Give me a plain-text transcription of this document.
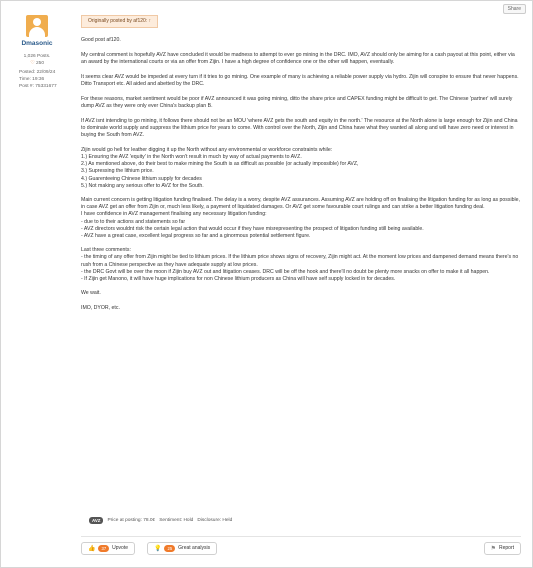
Share
Dmasonic
1,026 Posts.
♡ 250
Posted: 22/09/24
Time: 19:36
Post #: 75331677
Originally posted by af120: ↑

Good post af120.

My central comment is hopefully AVZ have concluded it would be madness to attempt to ever go mining in the DRC. IMO, AVZ should only be aiming for a cash payout at this point, either via an award by the international courts or via an offer from Zijin. I have a high degree of confidence one or the other will happen, eventually.

It seems clear AVZ would be impeded at every turn if it tries to go mining. One example of many is achieving a reliable power supply via hydro. Zijin will conspire to ensure that never happens. Ditto Transport etc. All aided and abetted by the DRC.

For these reasons, market sentiment would be poor if AVZ announced it was going mining, ditto the share price and CAPEX funding might be difficult to get. The Chinese 'partner' will surely dump AVZ as they were only ever China's backup plan B.

If AVZ isnt intending to go mining, it follows there should not be an MOU 'where AVZ gets the south and equity in the north.' The resource at the North alone is large enough for Zijin and China to dominate world supply and suppress the lithium price for years to come. With control over the North, Zijin and China have what they wanted all along and will have zero need or interest in buying the South from AVZ.

Zijin would go hell for leather digging it up the North without any environmental or workforce constraints while:

1.) Ensuring the AVZ 'equity' in the North won't result in much by way of actual payments to AVZ.
2.) As mentioned above, do their best to make mining the South is as difficult as possible (or actually impossible) for AVZ,
3.) Supressing the lithium price.
4.) Guarenteeing Chinese lithium supply for decades
5.) Not making any serious offer to AVZ for the South.

Main current concern is getting litigation funding finalised. The delay is a worry, despite AVZ assurances. Assuming AVZ are holding off on finalising the litigation funding for as long as possible, in case AVZ get an offer from Zijin or, much less likely, a payment of liquidated damages. Or AVZ get some favourable court rulings and can strike a better litigation funding deal.

I have confidence in AVZ management finalising any necessary litigation funding:
- due to to their actions and statements so far
- AVZ directors wouldnt risk the certain legal action that would occur if they have misrepresenting the prospect of litigation funding still being available.
- AVZ have a great case, excellent legal progress so far and a ginormous potential settlement figure.

Last three comments:

- the timing of any offer from Zijin might be tied to lithium prices. If the lithium price shows signs of recovery, Zijin might act. At the moment low prices and dampened demand means there's no rush from a Chinese perspective as they have adequate supply at low prices.
- the DRC Govt will be over the moon if Zijin buy AVZ out and litigation ceases. DRC will be off the hook and there'll no doubt be plenty more snacks on offer to make it all happen.
- If Zijin get Manono, it will have huge implications for non Chinese lithium producers as China will have self supply locked in for decades.

We wait.

IMO, DYOR, etc.

AVZ	Price at posting: 78.0¢ Sentiment: Hold Disclosure: Held
👍	37	Upvote	💡	25	Great analysis	⚑ Report
